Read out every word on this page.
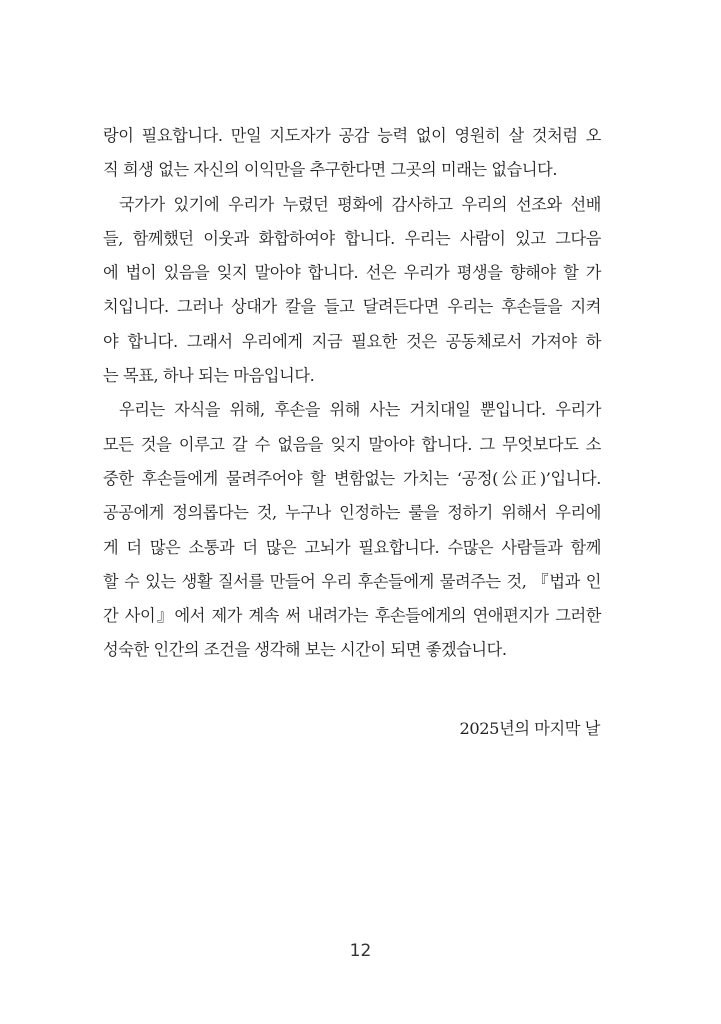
랑이 필요합니다. 만일 지도자가 공감 능력 없이 영원히 살 것처럼 오
직 희생 없는 자신의 이익만을 추구한다면 그곳의 미래는 없습니다.
국가가 있기에 우리가 누렸던 평화에 감사하고 우리의 선조와 선배
들, 함께했던 이웃과 화합하여야 합니다. 우리는 사람이 있고 그다음
에 법이 있음을 잊지 말아야 합니다. 선은 우리가 평생을 향해야 할 가
치입니다. 그러나 상대가 칼을 들고 달려든다면 우리는 후손들을 지켜
야 합니다. 그래서 우리에게 지금 필요한 것은 공동체로서 가져야 하
는 목표, 하나 되는 마음입니다.
우리는 자식을 위해, 후손을 위해 사는 거치대일 뿐입니다. 우리가
모든 것을 이루고 갈 수 없음을 잊지 말아야 합니다. 그 무엇보다도 소
중한 후손들에게 물려주어야 할 변함없는 가치는 ‘공정(公正)’입니다.
공공에게 정의롭다는 것, 누구나 인정하는 룰을 정하기 위해서 우리에
게 더 많은 소통과 더 많은 고뇌가 필요합니다. 수많은 사람들과 함께
할 수 있는 생활 질서를 만들어 우리 후손들에게 물려주는 것, 『법과 인
간 사이』에서 제가 계속 써 내려가는 후손들에게의 연애편지가 그러한
성숙한 인간의 조건을 생각해 보는 시간이 되면 좋겠습니다.
2025년의 마지막 날
12
